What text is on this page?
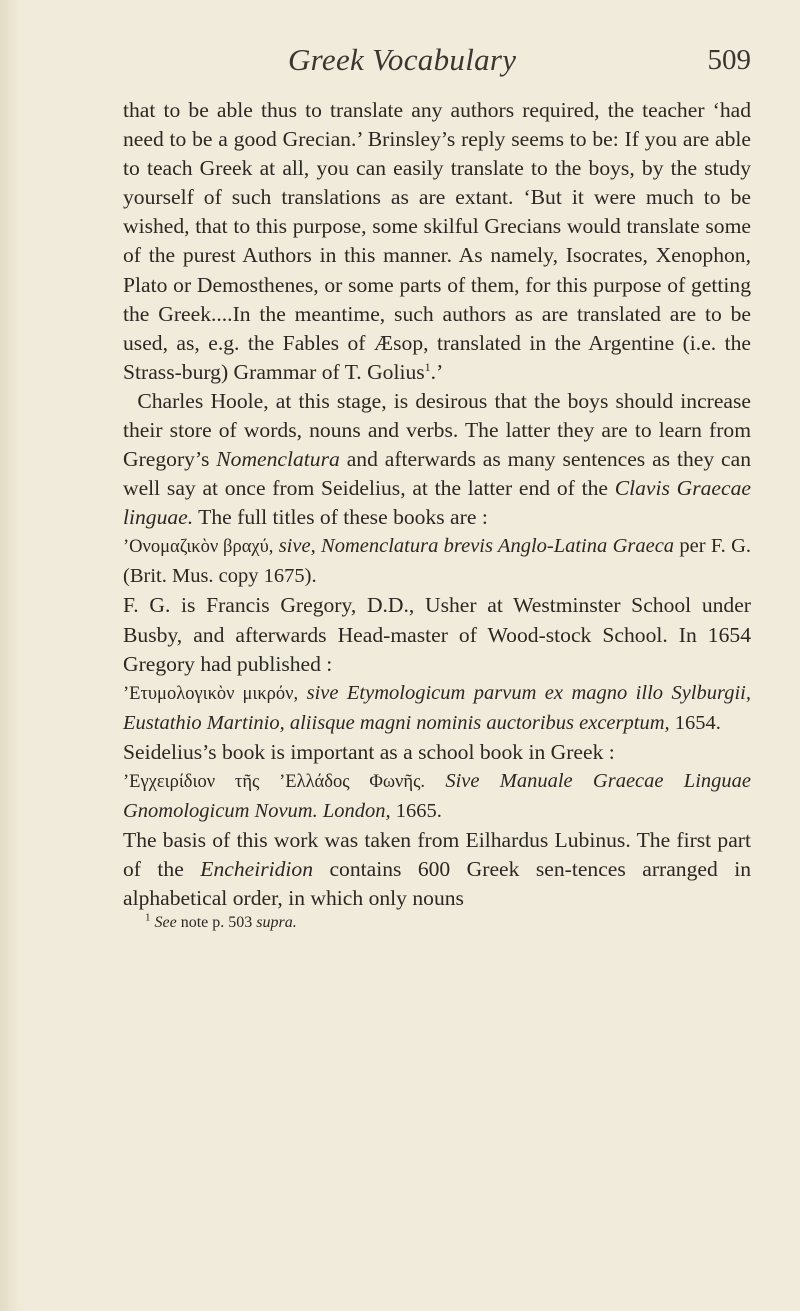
Greek Vocabulary	509

that to be able thus to translate any authors required, the teacher ‘had need to be a good Grecian.’ Brinsley’s reply seems to be: If you are able to teach Greek at all, you can easily translate to the boys, by the study yourself of such translations as are extant. ‘But it were much to be wished, that to this purpose, some skilful Grecians would translate some of the purest Authors in this manner. As namely, Isocrates, Xenophon, Plato or Demosthenes, or some parts of them, for this purpose of getting the Greek....In the meantime, such authors as are translated are to be used, as, e.g. the Fables of Æsop, translated in the Argentine (i.e. the Strass-burg) Grammar of T. Golius$^1$.’

Charles Hoole, at this stage, is desirous that the boys should increase their store of words, nouns and verbs. The latter they are to learn from Gregory’s Nomenclatura and afterwards as many sentences as they can well say at once from Seidelius, at the latter end of the Clavis Graecae linguae. The full titles of these books are :

’Ονομαζικὸν βραχύ, sive, Nomenclatura brevis Anglo-Latina Graeca per F. G. (Brit. Mus. copy 1675).

F. G. is Francis Gregory, D.D., Usher at Westminster School under Busby, and afterwards Head-master of Wood-stock School. In 1654 Gregory had published :

’Ετυμολογικὸν μικρόν, sive Etymologicum parvum ex magno illo Sylburgii, Eustathio Martinio, aliisque magni nominis auctoribus excerptum, 1654.

Seidelius’s book is important as a school book in Greek :

’Εγχειρίδιον τῆς ’Ελλάδος Φωνῆς. Sive Manuale Graecae Linguae Gnomologicum Novum. London, 1665.

The basis of this work was taken from Eilhardus Lubinus. The first part of the Encheiridion contains 600 Greek sen-tences arranged in alphabetical order, in which only nouns

$^1$ See note p. 503 supra.
